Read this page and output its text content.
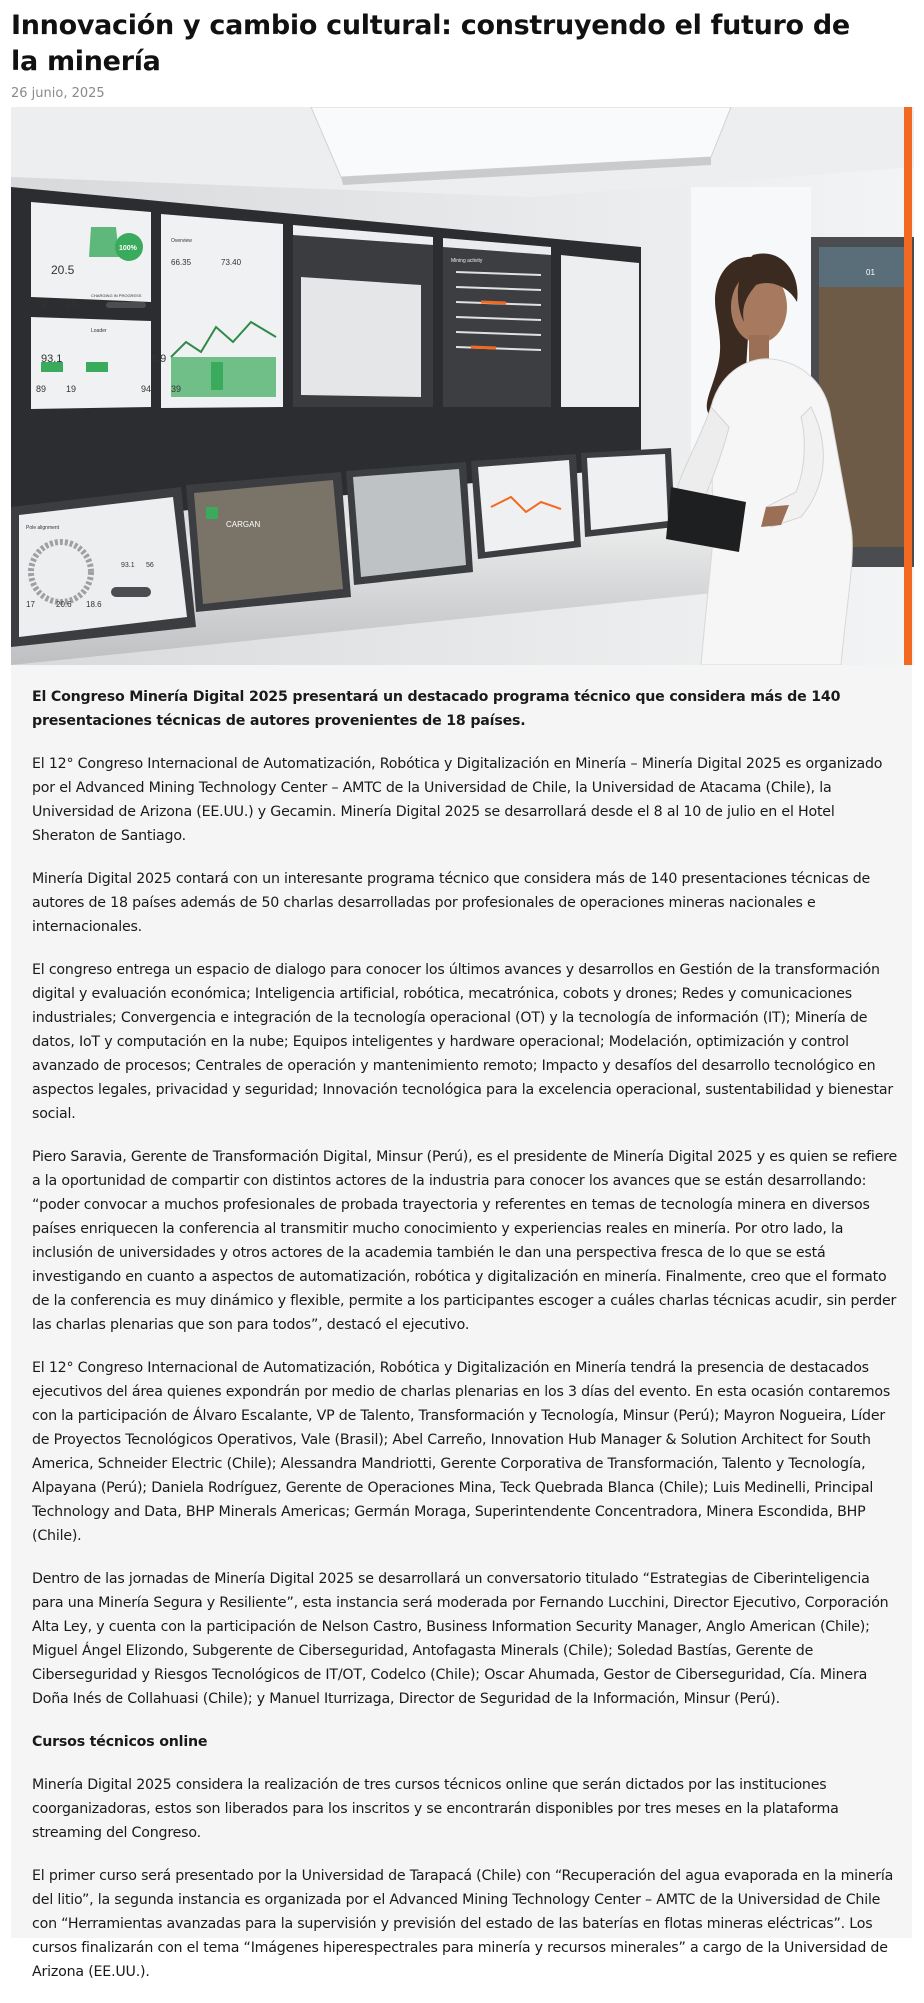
Innovación y cambio cultural: construyendo el futuro de la minería
26 junio, 2025
20.5
100%
CHARGING IN PROGRESS
79 15
Overview
66.35	73.40	Mining activity
Loader
93.1	8.9
89 19	94 39
01
Pole alignment
17	20.6 18.6
93.1 56
CARGAN

El Congreso Minería Digital 2025 presentará un destacado programa técnico que considera más de 140 presentaciones técnicas de autores provenientes de 18 países.

El 12° Congreso Internacional de Automatización, Robótica y Digitalización en Minería – Minería Digital 2025 es organizado por el Advanced Mining Technology Center – AMTC de la Universidad de Chile, la Universidad de Atacama (Chile), la Universidad de Arizona (EE.UU.) y Gecamin. Minería Digital 2025 se desarrollará desde el 8 al 10 de julio en el Hotel Sheraton de Santiago.

Minería Digital 2025 contará con un interesante programa técnico que considera más de 140 presentaciones técnicas de autores de 18 países además de 50 charlas desarrolladas por profesionales de operaciones mineras nacionales e internacionales.

El congreso entrega un espacio de dialogo para conocer los últimos avances y desarrollos en Gestión de la transformación digital y evaluación económica; Inteligencia artificial, robótica, mecatrónica, cobots y drones; Redes y comunicaciones industriales; Convergencia e integración de la tecnología operacional (OT) y la tecnología de información (IT); Minería de datos, IoT y computación en la nube; Equipos inteligentes y hardware operacional; Modelación, optimización y control avanzado de procesos; Centrales de operación y mantenimiento remoto; Impacto y desafíos del desarrollo tecnológico en aspectos legales, privacidad y seguridad; Innovación tecnológica para la excelencia operacional, sustentabilidad y bienestar social.

Piero Saravia, Gerente de Transformación Digital, Minsur (Perú), es el presidente de Minería Digital 2025 y es quien se refiere a la oportunidad de compartir con distintos actores de la industria para conocer los avances que se están desarrollando: “poder convocar a muchos profesionales de probada trayectoria y referentes en temas de tecnología minera en diversos países enriquecen la conferencia al transmitir mucho conocimiento y experiencias reales en minería. Por otro lado, la inclusión de universidades y otros actores de la academia también le dan una perspectiva fresca de lo que se está investigando en cuanto a aspectos de automatización, robótica y digitalización en minería. Finalmente, creo que el formato de la conferencia es muy dinámico y flexible, permite a los participantes escoger a cuáles charlas técnicas acudir, sin perder las charlas plenarias que son para todos”, destacó el ejecutivo.

El 12° Congreso Internacional de Automatización, Robótica y Digitalización en Minería tendrá la presencia de destacados ejecutivos del área quienes expondrán por medio de charlas plenarias en los 3 días del evento. En esta ocasión contaremos con la participación de Álvaro Escalante, VP de Talento, Transformación y Tecnología, Minsur (Perú); Mayron Nogueira, Líder de Proyectos Tecnológicos Operativos, Vale (Brasil); Abel Carreño, Innovation Hub Manager & Solution Architect for South America, Schneider Electric (Chile); Alessandra Mandriotti, Gerente Corporativa de Transformación, Talento y Tecnología, Alpayana (Perú); Daniela Rodríguez, Gerente de Operaciones Mina, Teck Quebrada Blanca (Chile); Luis Medinelli, Principal Technology and Data, BHP Minerals Americas; Germán Moraga, Superintendente Concentradora, Minera Escondida, BHP (Chile).

Dentro de las jornadas de Minería Digital 2025 se desarrollará un conversatorio titulado “Estrategias de Ciberinteligencia para una Minería Segura y Resiliente”, esta instancia será moderada por Fernando Lucchini, Director Ejecutivo, Corporación Alta Ley, y cuenta con la participación de Nelson Castro, Business Information Security Manager, Anglo American (Chile); Miguel Ángel Elizondo, Subgerente de Ciberseguridad, Antofagasta Minerals (Chile); Soledad Bastías, Gerente de Ciberseguridad y Riesgos Tecnológicos de IT/OT, Codelco (Chile); Oscar Ahumada, Gestor de Ciberseguridad, Cía. Minera Doña Inés de Collahuasi (Chile); y Manuel Iturrizaga, Director de Seguridad de la Información, Minsur (Perú).

Cursos técnicos online

Minería Digital 2025 considera la realización de tres cursos técnicos online que serán dictados por las instituciones coorganizadoras, estos son liberados para los inscritos y se encontrarán disponibles por tres meses en la plataforma streaming del Congreso.

El primer curso será presentado por la Universidad de Tarapacá (Chile) con “Recuperación del agua evaporada en la minería del litio”, la segunda instancia es organizada por el Advanced Mining Technology Center – AMTC de la Universidad de Chile con “Herramientas avanzadas para la supervisión y previsión del estado de las baterías en flotas mineras eléctricas”. Los cursos finalizarán con el tema “Imágenes hiperespectrales para minería y recursos minerales” a cargo de la Universidad de Arizona (EE.UU.).
